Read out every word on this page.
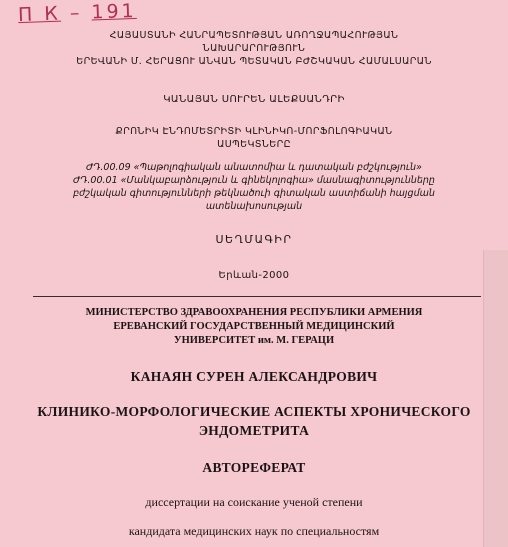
П К – 191
ՀԱՅԱՍՏԱՆԻ ՀԱՆՐԱՊԵՏՈՒԹՅԱՆ ԱՌՈՂՋԱՊԱՀՈՒԹՅԱՆ
ՆԱԽԱՐԱՐՈՒԹՅՈՒՆ
ԵՐԵՎԱՆԻ Մ. ՀԵՐԱՑՈՒ ԱՆՎԱՆ ՊԵՏԱԿԱՆ ԲԺՇԿԱԿԱՆ ՀԱՄԱԼՍԱՐԱՆ
ԿԱՆԱՅԱՆ ՍՈՒՐԵՆ ԱԼԵՔՍԱՆԴՐԻ
ՔՐՈՆԻԿ ԷՆԴՈՄԵՏՐԻՏԻ ԿԼԻՆԻԿՈ-ՄՈՐՖՈԼՈԳԻԱԿԱՆ
ԱՍՊԵԿՏՆԵՐԸ
ԺԴ.00.09 «Պաթոլոգիական անատոմիա և դատական բժշկություն»
ԺԴ.00.01 «Մանկաբարձություն և գինեկոլոգիա» մասնագիտությունները
բժշկական գիտությունների թեկնածուի գիտական աստիճանի հայցման
ատենախոսության
ՍԵՂՄԱԳԻՐ
Երևան-2000
МИНИСТЕРСТВО ЗДРАВООХРАНЕНИЯ РЕСПУБЛИКИ АРМЕНИЯ
ЕРЕВАНСКИЙ ГОСУДАРСТВЕННЫЙ МЕДИЦИНСКИЙ
УНИВЕРСИТЕТ им. М. ГЕРАЦИ
КАНАЯН СУРЕН АЛЕКСАНДРОВИЧ
КЛИНИКО-МОРФОЛОГИЧЕСКИЕ АСПЕКТЫ ХРОНИЧЕСКОГО
ЭНДОМЕТРИТА
АВТОРЕФЕРАТ
диссертации на соискание ученой степени
кандидата медицинских наук по специальностям
